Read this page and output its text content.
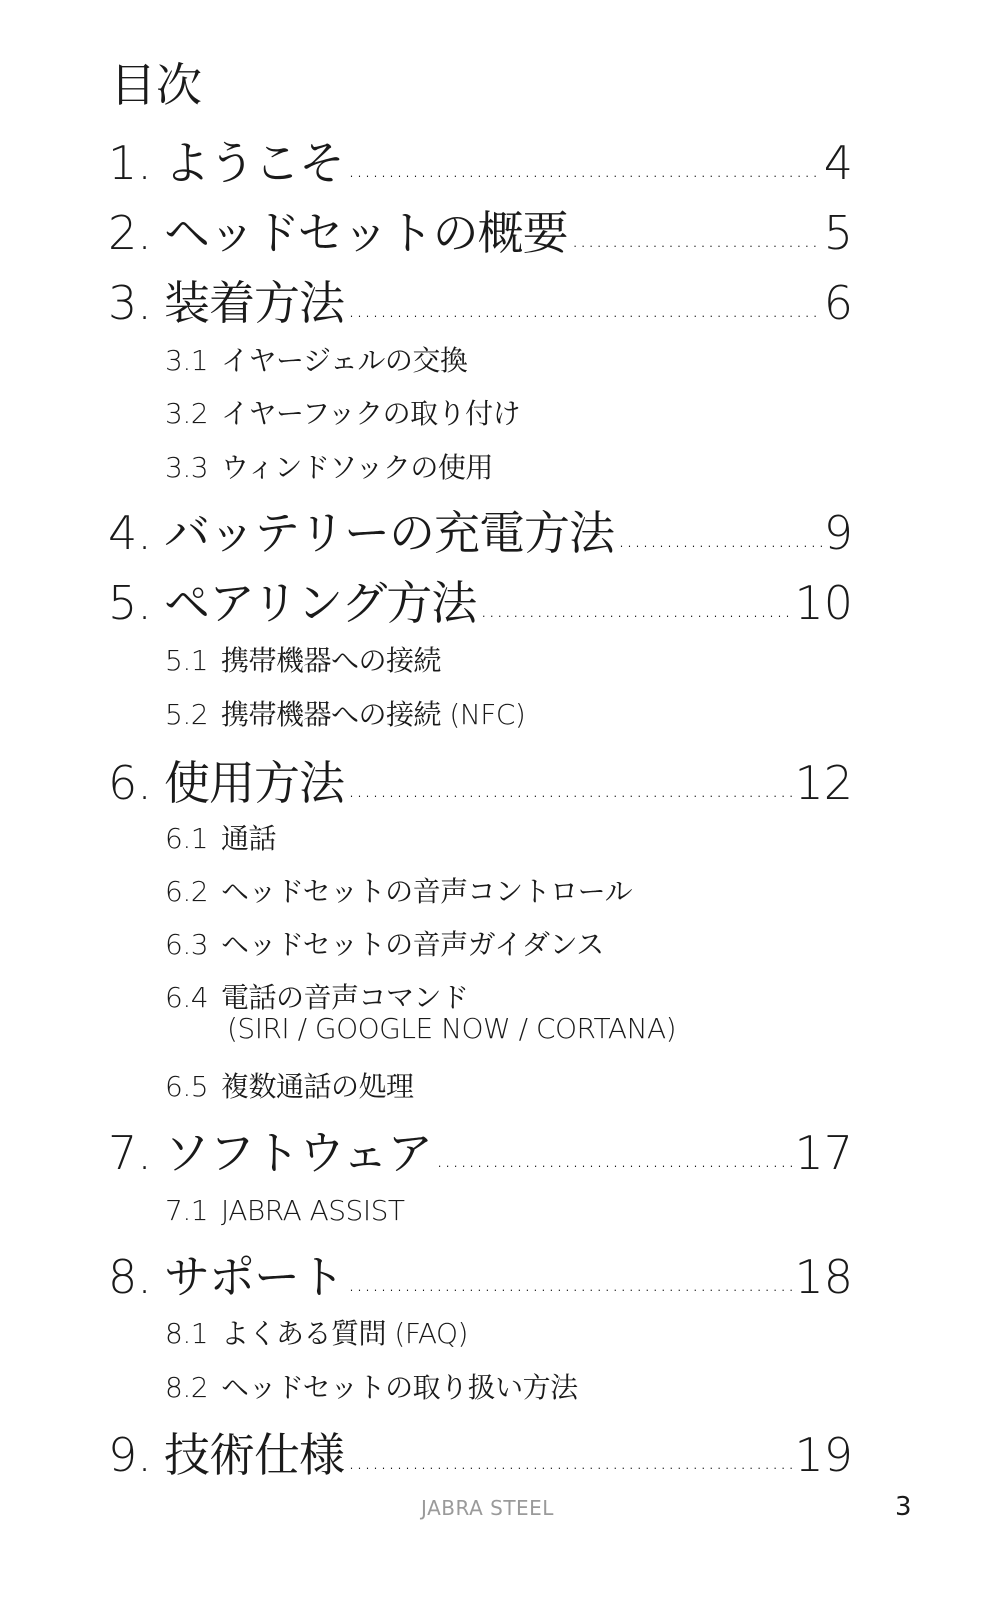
目次
1. ようこそ .....	4
2. ヘッドセットの概要 .....	5
3. 装着方法 .....	6
3.1 イヤージェルの交換
3.2 イヤーフックの取り付け
3.3 ウィンドソックの使用
4. バッテリーの充電方法 .....	9
5. ペアリング方法 .....	10
5.1 携帯機器への接続
5.2 携帯機器への接続 (NFC)
6. 使用方法 .....	12
6.1 通話
6.2 ヘッドセットの音声コントロール
6.3 ヘッドセットの音声ガイダンス
6.4 電話の音声コマンド
(SIRI / GOOGLE NOW / CORTANA)
6.5 複数通話の処理
7. ソフトウェア .....	17
7.1 JABRA ASSIST
8. サポート .....	18
8.1 よくある質問 (FAQ)
8.2 ヘッドセットの取り扱い方法
9. 技術仕様 .....	19
JABRA STEEL	3
